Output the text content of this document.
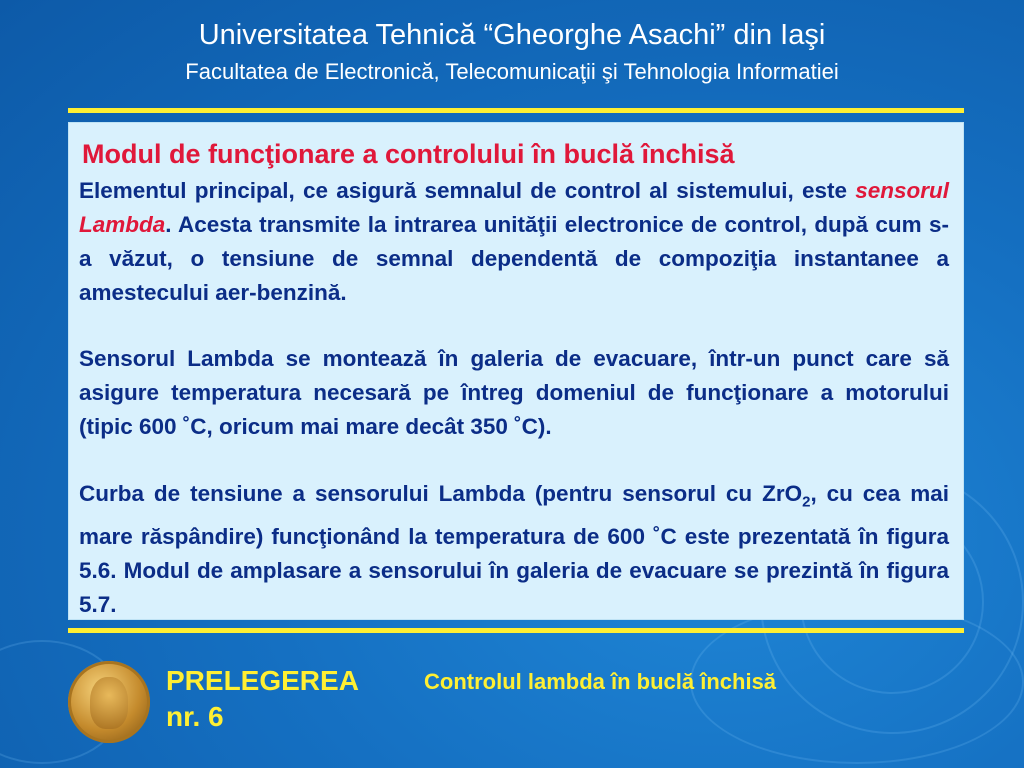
Universitatea Tehnică “Gheorghe Asachi” din Iaşi
Facultatea de Electronică, Telecomunicaţii şi Tehnologia Informatiei
Modul de funcţionare a controlului în buclă închisă
Elementul principal, ce asigură semnalul de control al sistemului, este sensorul Lambda. Acesta transmite la intrarea unităţii electronice de control, după cum s-a văzut, o tensiune de semnal dependentă de compoziţia instantanee a amestecului aer-benzină.
Sensorul Lambda se montează în galeria de evacuare, într-un punct care să asigure temperatura necesară pe întreg domeniul de funcţionare a motorului (tipic 600 ˚C, oricum mai mare decât 350 ˚C).
Curba de tensiune a sensorului Lambda (pentru sensorul cu ZrO$_2$, cu cea mai mare răspândire) funcţionând la temperatura de 600 ˚C este prezentată în figura 5.6. Modul de amplasare a sensorului în galeria de evacuare se prezintă în figura 5.7.
PRELEGEREA
nr. 6
Controlul lambda în buclă închisă
